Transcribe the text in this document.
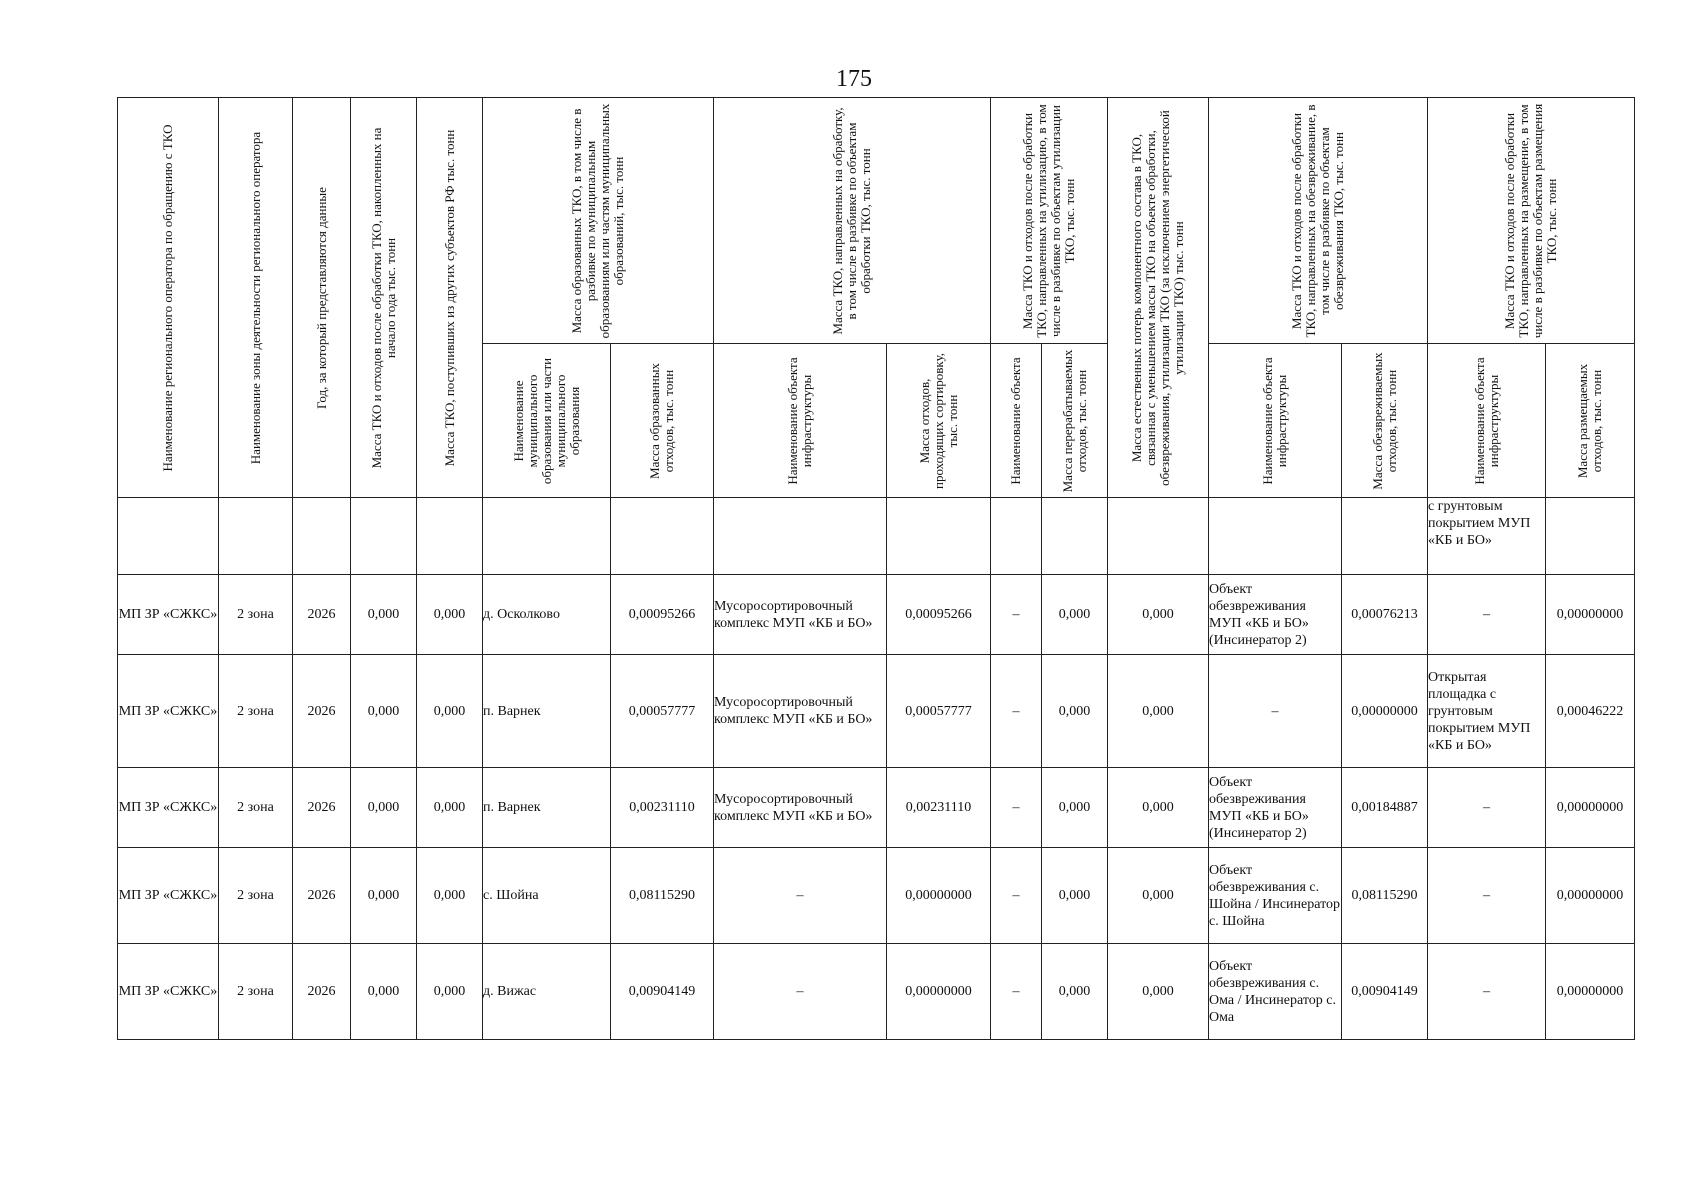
175
Наименование регионального оператора по обращению с ТКО	Наименование зоны деятельности регионального оператора	Год, за который представляются данные	Масса ТКО и отходов после обработки ТКО, накопленных на начало года тыс. тонн	Масса ТКО, поступивших из других субъектов РФ тыс. тонн	Масса образованных ТКО, в том числе в разбивке по муниципальным образованиям или частям муниципальных образований, тыс. тонн		Масса ТКО, направленных на обработку, в том числе в разбивке по объектам обработки ТКО, тыс. тонн		Масса ТКО и отходов после обработки ТКО, направленных на утилизацию, в том числе в разбивке по объектам утилизации ТКО, тыс. тонн		Масса естественных потерь компонентного состава в ТКО, связанная с уменьшением массы ТКО на объекте обработки, обезвреживания, утилизации ТКО (за исключением энергетической утилизации ТКО) тыс. тонн	Масса ТКО и отходов после обработки ТКО, направленных на обезвреживание, в том числе в разбивке по объектам обезвреживания ТКО, тыс. тонн		Масса ТКО и отходов после обработки ТКО, направленных на размещение, в том числе в разбивке по объектам размещения ТКО, тыс. тонн	

					Наименование муниципального образования или части муниципального образования	Масса образованных отходов, тыс. тонн	Наименование объекта инфраструктуры	Масса отходов, проходящих сортировку, тыс. тонн	Наименование объекта	Масса перерабатываемых отходов, тыс. тонн		Наименование объекта инфраструктуры	Масса обезвреживаемых отходов, тыс. тонн	Наименование объекта инфраструктуры	Масса размещаемых отходов, тыс. тонн

														с грунтовым покрытием МУП «КБ и БО»	
МП ЗР «СЖКС»	2 зона	2026	0,000	0,000	д. Осколково	0,00095266	Мусоросортировочный комплекс МУП «КБ и БО»	0,00095266	–	0,000	0,000	Объект обезвреживания МУП «КБ и БО» (Инсинератор 2)	0,00076213	–	0,00000000
МП ЗР «СЖКС»	2 зона	2026	0,000	0,000	п. Варнек	0,00057777	Мусоросортировочный комплекс МУП «КБ и БО»	0,00057777	–	0,000	0,000	–	0,00000000	Открытая площадка с грунтовым покрытием МУП «КБ и БО»	0,00046222
МП ЗР «СЖКС»	2 зона	2026	0,000	0,000	п. Варнек	0,00231110	Мусоросортировочный комплекс МУП «КБ и БО»	0,00231110	–	0,000	0,000	Объект обезвреживания МУП «КБ и БО» (Инсинератор 2)	0,00184887	–	0,00000000
МП ЗР «СЖКС»	2 зона	2026	0,000	0,000	с. Шойна	0,08115290	–	0,00000000	–	0,000	0,000	Объект обезвреживания с. Шойна / Инсинератор с. Шойна	0,08115290	–	0,00000000
МП ЗР «СЖКС»	2 зона	2026	0,000	0,000	д. Вижас	0,00904149	–	0,00000000	–	0,000	0,000	Объект обезвреживания с. Ома / Инсинератор с. Ома	0,00904149	–	0,00000000
